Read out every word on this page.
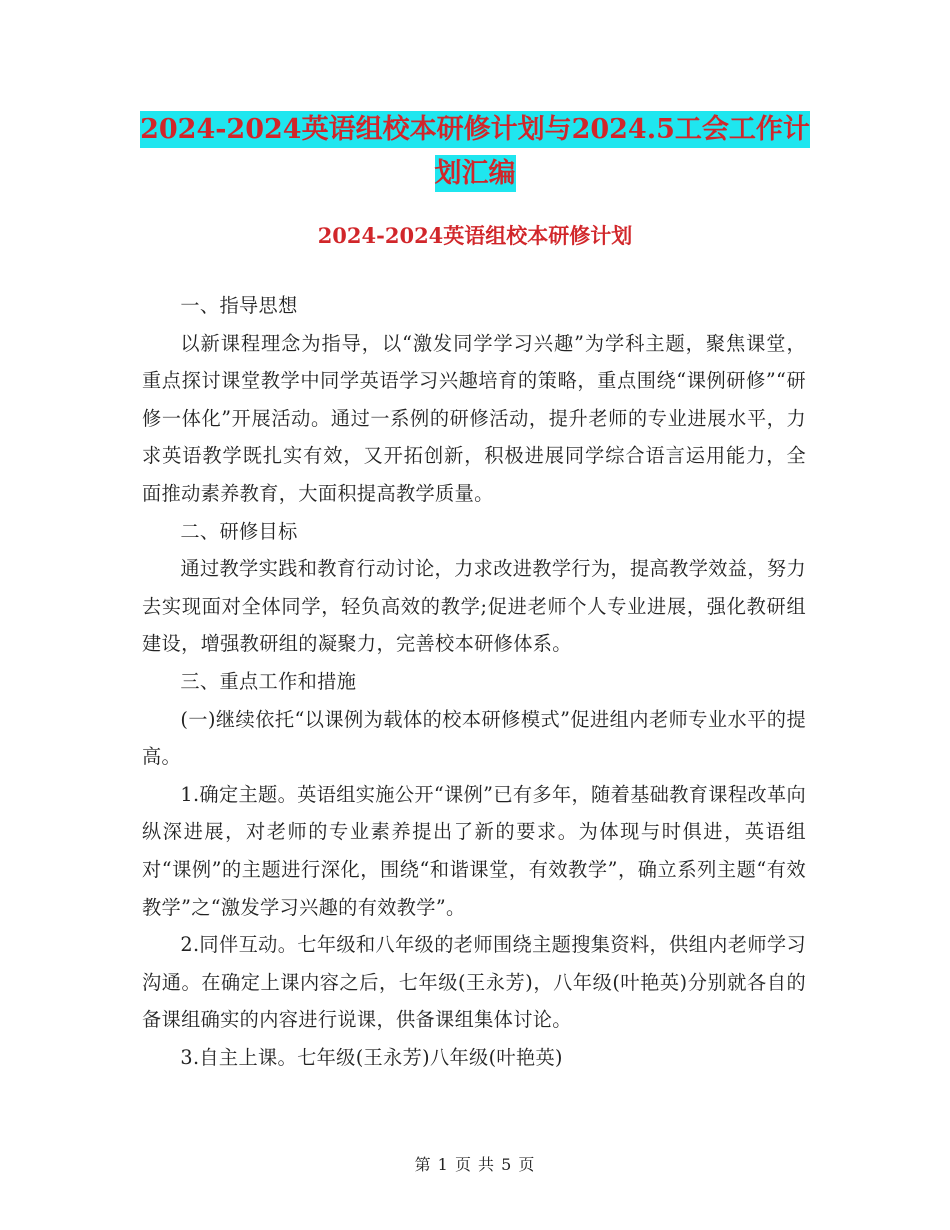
2024-2024英语组校本研修计划与2024.5工会工作计
划汇编
2024-2024英语组校本研修计划

一、指导思想

以新课程理念为指导，以“激发同学学习兴趣”为学科主题，聚焦课堂，重点探讨课堂教学中同学英语学习兴趣培育的策略，重点围绕“课例研修”“研修一体化”开展活动。通过一系例的研修活动，提升老师的专业进展水平，力求英语教学既扎实有效，又开拓创新，积极进展同学综合语言运用能力，全面推动素养教育，大面积提高教学质量。

二、研修目标

通过教学实践和教育行动讨论，力求改进教学行为，提高教学效益，努力去实现面对全体同学，轻负高效的教学;促进老师个人专业进展，强化教研组建设，增强教研组的凝聚力，完善校本研修体系。

三、重点工作和措施

(一)继续依托“以课例为载体的校本研修模式”促进组内老师专业水平的提高。

1.确定主题。英语组实施公开“课例”已有多年，随着基础教育课程改革向纵深进展，对老师的专业素养提出了新的要求。为体现与时俱进，英语组对“课例”的主题进行深化，围绕“和谐课堂，有效教学”，确立系列主题“有效教学”之“激发学习兴趣的有效教学”。

2.同伴互动。七年级和八年级的老师围绕主题搜集资料，供组内老师学习沟通。在确定上课内容之后，七年级(王永芳)，八年级(叶艳英)分别就各自的备课组确实的内容进行说课，供备课组集体讨论。

3.自主上课。七年级(王永芳)八年级(叶艳英)

第 1 页 共 5 页
